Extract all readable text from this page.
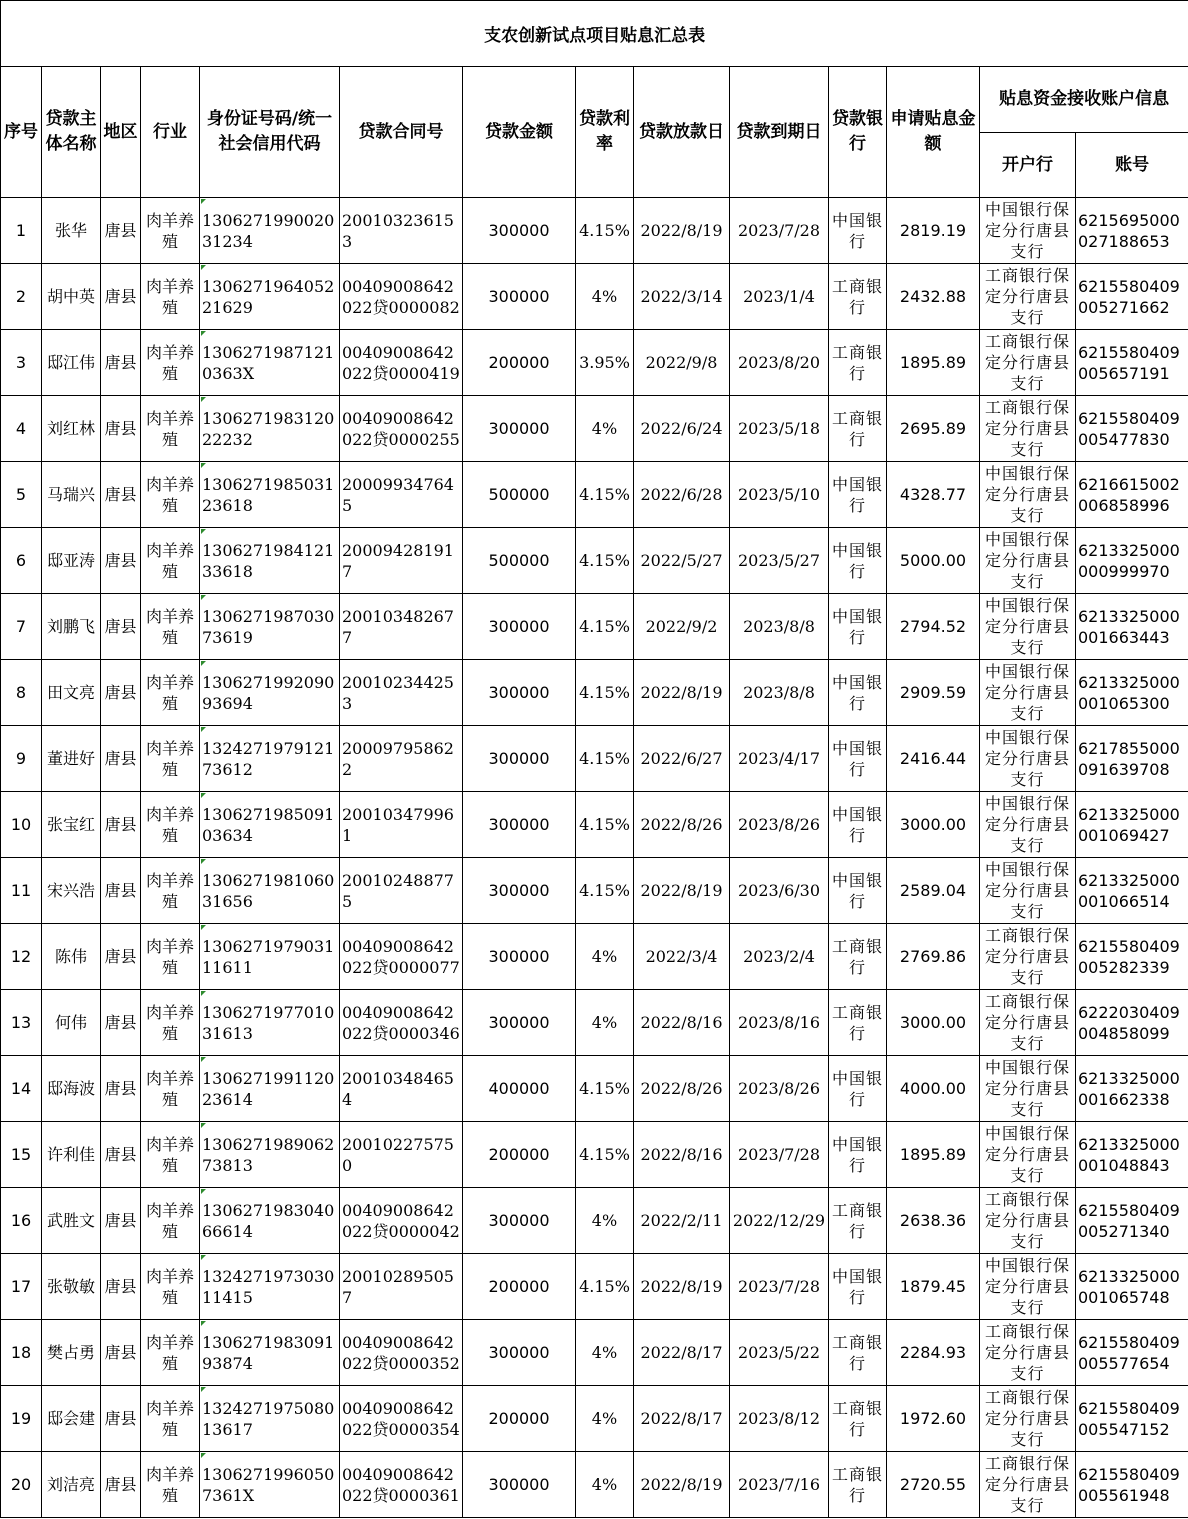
支农创新试点项目贴息汇总表													
序号	贷款主体名称	地区	行业	身份证号码/统一社会信用代码	贷款合同号	贷款金额	贷款利率	贷款放款日	贷款到期日	贷款银行	申请贴息金额	贴息资金接收账户信息	
												开户行	账号
1	张华	唐县	肉羊养殖	130627199002031234	200103236153	300000	4.15%	2022/8/19	2023/7/28	中国银行	2819.19	中国银行保定分行唐县支行	6215695000027188653
2	胡中英	唐县	肉羊养殖	130627196405221629	00409008642022贷0000082	300000	4%	2022/3/14	2023/1/4	工商银行	2432.88	工商银行保定分行唐县支行	6215580409005271662
3	邸江伟	唐县	肉羊养殖	13062719871210363X	00409008642022贷0000419	200000	3.95%	2022/9/8	2023/8/20	工商银行	1895.89	工商银行保定分行唐县支行	6215580409005657191
4	刘红林	唐县	肉羊养殖	130627198312022232	00409008642022贷0000255	300000	4%	2022/6/24	2023/5/18	工商银行	2695.89	工商银行保定分行唐县支行	6215580409005477830
5	马瑞兴	唐县	肉羊养殖	130627198503123618	200099347645	500000	4.15%	2022/6/28	2023/5/10	中国银行	4328.77	中国银行保定分行唐县支行	6216615002006858996
6	邸亚涛	唐县	肉羊养殖	130627198412133618	200094281917	500000	4.15%	2022/5/27	2023/5/27	中国银行	5000.00	中国银行保定分行唐县支行	6213325000000999970
7	刘鹏飞	唐县	肉羊养殖	130627198703073619	200103482677	300000	4.15%	2022/9/2	2023/8/8	中国银行	2794.52	中国银行保定分行唐县支行	6213325000001663443
8	田文亮	唐县	肉羊养殖	130627199209093694	200102344253	300000	4.15%	2022/8/19	2023/8/8	中国银行	2909.59	中国银行保定分行唐县支行	6213325000001065300
9	董进好	唐县	肉羊养殖	132427197912173612	200097958622	300000	4.15%	2022/6/27	2023/4/17	中国银行	2416.44	中国银行保定分行唐县支行	6217855000091639708
10	张宝红	唐县	肉羊养殖	130627198509103634	200103479961	300000	4.15%	2022/8/26	2023/8/26	中国银行	3000.00	中国银行保定分行唐县支行	6213325000001069427
11	宋兴浩	唐县	肉羊养殖	130627198106031656	200102488775	300000	4.15%	2022/8/19	2023/6/30	中国银行	2589.04	中国银行保定分行唐县支行	6213325000001066514
12	陈伟	唐县	肉羊养殖	130627197903111611	00409008642022贷0000077	300000	4%	2022/3/4	2023/2/4	工商银行	2769.86	工商银行保定分行唐县支行	6215580409005282339
13	何伟	唐县	肉羊养殖	130627197701031613	00409008642022贷0000346	300000	4%	2022/8/16	2023/8/16	工商银行	3000.00	工商银行保定分行唐县支行	6222030409004858099
14	邸海波	唐县	肉羊养殖	130627199112023614	200103484654	400000	4.15%	2022/8/26	2023/8/26	中国银行	4000.00	中国银行保定分行唐县支行	6213325000001662338
15	许利佳	唐县	肉羊养殖	130627198906273813	200102275750	200000	4.15%	2022/8/16	2023/7/28	中国银行	1895.89	中国银行保定分行唐县支行	6213325000001048843
16	武胜文	唐县	肉羊养殖	130627198304066614	00409008642022贷0000042	300000	4%	2022/2/11	2022/12/29	工商银行	2638.36	工商银行保定分行唐县支行	6215580409005271340
17	张敬敏	唐县	肉羊养殖	132427197303011415	200102895057	200000	4.15%	2022/8/19	2023/7/28	中国银行	1879.45	中国银行保定分行唐县支行	6213325000001065748
18	樊占勇	唐县	肉羊养殖	130627198309193874	00409008642022贷0000352	300000	4%	2022/8/17	2023/5/22	工商银行	2284.93	工商银行保定分行唐县支行	6215580409005577654
19	邸会建	唐县	肉羊养殖	132427197508013617	00409008642022贷0000354	200000	4%	2022/8/17	2023/8/12	工商银行	1972.60	工商银行保定分行唐县支行	6215580409005547152
20	刘洁亮	唐县	肉羊养殖	13062719960507361X	00409008642022贷0000361	300000	4%	2022/8/19	2023/7/16	工商银行	2720.55	工商银行保定分行唐县支行	6215580409005561948
